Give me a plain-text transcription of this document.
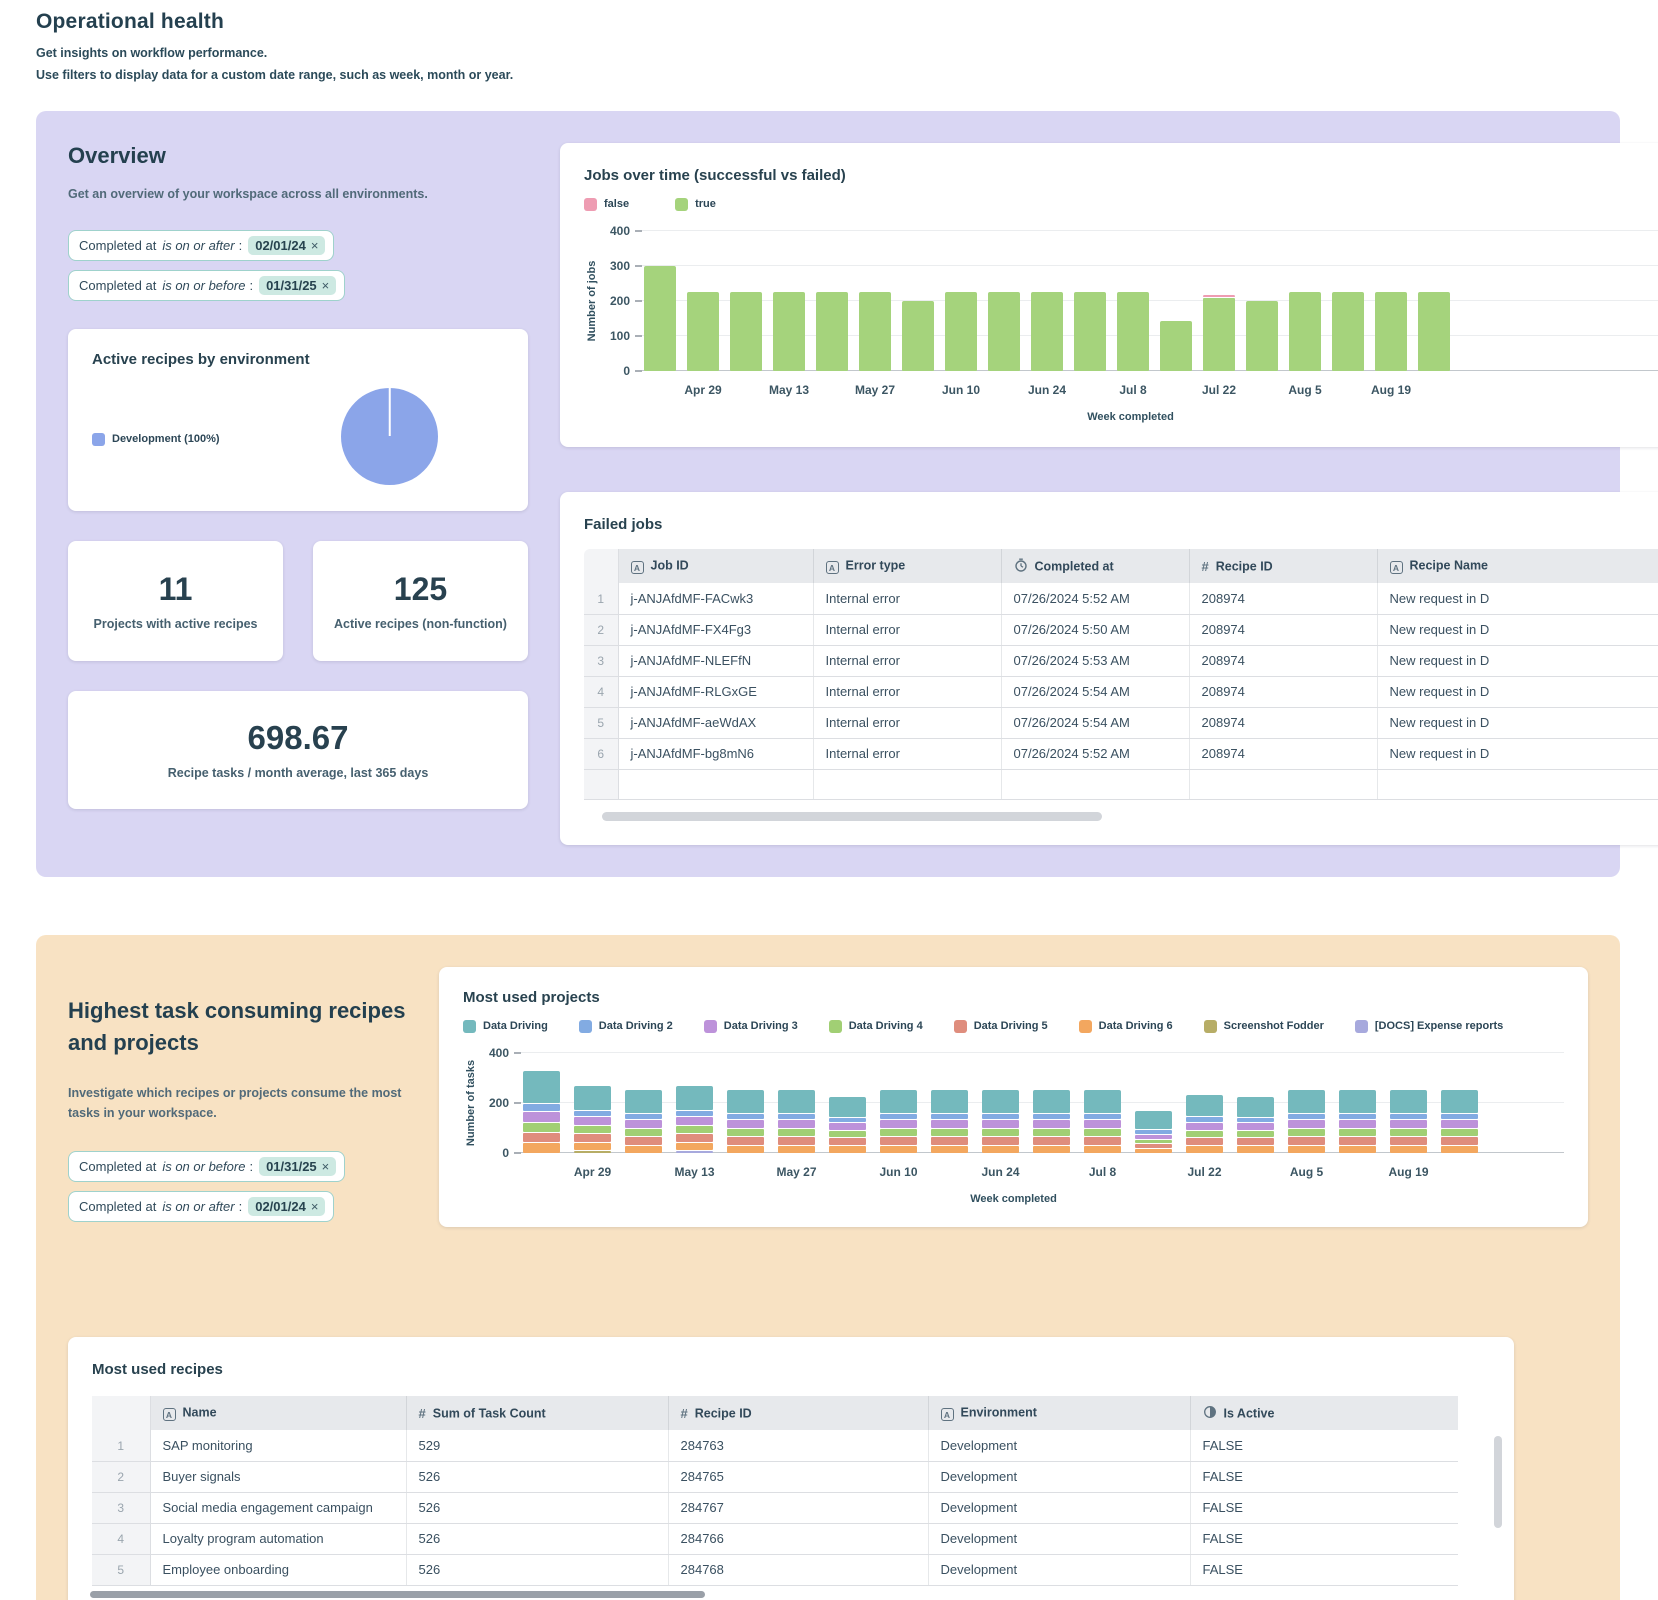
Operational health

Get insights on workflow performance.

Use filters to display data for a custom date range, such as week, month or year.

Overview

Get an overview of your workspace across all environments.

Completed at is on or after : 02/01/24 ×
Completed at is on or before : 01/31/25 ×
Active recipes by environment
Development (100%)
11
Projects with active recipes
125
Active recipes (non-function)
698.67
Recipe tasks / month average, last 365 days
Jobs over time (successful vs failed)
false	true
Number of jobs
0
100
200
300
400
Apr 29	May 13	May 27	Jun 10	Jun 24	Jul 8	Jul 22	Aug 5	Aug 19
Week completed
Failed jobs
	A Job ID	A Error type	Completed at	# Recipe ID	A Recipe Name
1	j-ANJAfdMF-FACwk3	Internal error	07/26/2024 5:52 AM	208974	New request in D
2	j-ANJAfdMF-FX4Fg3	Internal error	07/26/2024 5:50 AM	208974	New request in D
3	j-ANJAfdMF-NLEFfN	Internal error	07/26/2024 5:53 AM	208974	New request in D
4	j-ANJAfdMF-RLGxGE	Internal error	07/26/2024 5:54 AM	208974	New request in D
5	j-ANJAfdMF-aeWdAX	Internal error	07/26/2024 5:54 AM	208974	New request in D
6	j-ANJAfdMF-bg8mN6	Internal error	07/26/2024 5:52 AM	208974	New request in D

Highest task consuming recipes and projects

Investigate which recipes or projects consume the most tasks in your workspace.

Completed at is on or before : 01/31/25 ×
Completed at is on or after : 02/01/24 ×
Most used projects
Data Driving	Data Driving 2	Data Driving 3	Data Driving 4	Data Driving 5	Data Driving 6	Screenshot Fodder	[DOCS] Expense reports
Number of tasks
0
200
400
Apr 29	May 13	May 27	Jun 10	Jun 24	Jul 8	Jul 22	Aug 5	Aug 19
Week completed
Most used recipes
	A Name	# Sum of Task Count	# Recipe ID	A Environment	Is Active
1	SAP monitoring	529	284763	Development	FALSE
2	Buyer signals	526	284765	Development	FALSE
3	Social media engagement campaign	526	284767	Development	FALSE
4	Loyalty program automation	526	284766	Development	FALSE
5	Employee onboarding	526	284768	Development	FALSE
